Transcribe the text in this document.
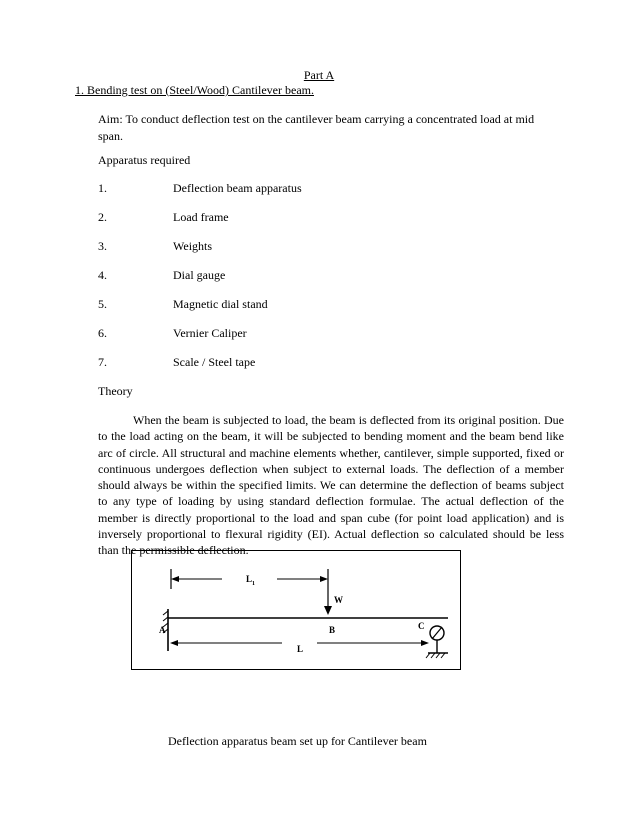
Part A
1. Bending test on (Steel/Wood) Cantilever beam.
Aim: To conduct deflection test on the cantilever beam carrying a concentrated load at mid span.
Apparatus required
1.	Deflection beam apparatus
2.	Load frame
3.	Weights
4.	Dial gauge
5.	Magnetic dial stand
6.	Vernier Caliper
7.	Scale / Steel tape
Theory

When the beam is subjected to load, the beam is deflected from its original position. Due to the load acting on the beam, it will be subjected to bending moment and the beam bend like arc of circle. All structural and machine elements whether, cantilever, simple supported, fixed or continuous undergoes deflection when subject to external loads. The deflection of a member should always be within the specified limits. We can determine the deflection of beams subject to any type of loading by using standard deflection formulae. The actual deflection of the member is directly proportional to the load and span cube (for point load application) and is inversely proportional to flexural rigidity (EI). Actual deflection so calculated should be less than the permissible deflection.

$L_1$
W
A	B	C
L
Deflection apparatus beam set up for Cantilever beam
